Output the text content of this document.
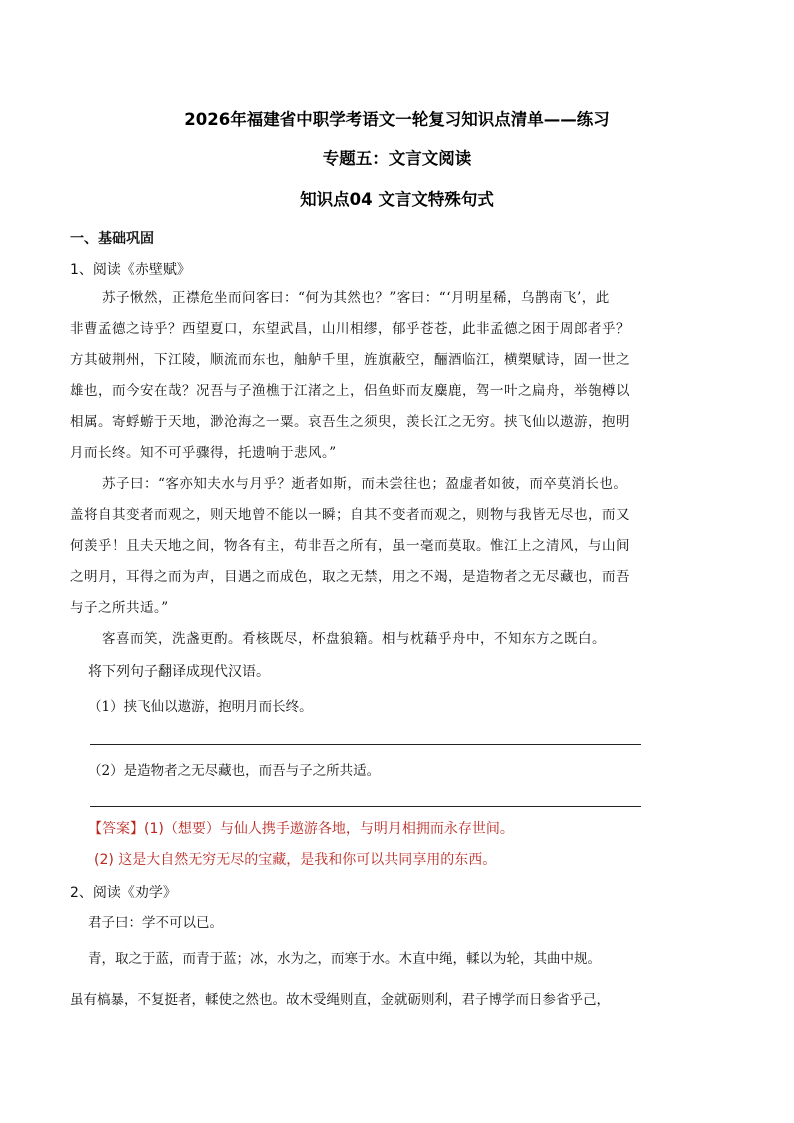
2026年福建省中职学考语文一轮复习知识点清单——练习
专题五：文言文阅读
知识点04 文言文特殊句式
一、基础巩固
1、阅读《赤壁赋》
苏子愀然，正襟危坐而问客曰：“何为其然也？”客曰：“‘月明星稀，乌鹊南飞’，此
非曹孟德之诗乎？西望夏口，东望武昌，山川相缪，郁乎苍苍，此非孟德之困于周郎者乎？
方其破荆州，下江陵，顺流而东也，舳舻千里，旌旗蔽空，酾酒临江，横槊赋诗，固一世之
雄也，而今安在哉？况吾与子渔樵于江渚之上，侣鱼虾而友麋鹿，驾一叶之扁舟，举匏樽以
相属。寄蜉蝣于天地，渺沧海之一粟。哀吾生之须臾，羡长江之无穷。挟飞仙以遨游，抱明
月而长终。知不可乎骤得，托遗响于悲风。”
苏子曰：“客亦知夫水与月乎？逝者如斯，而未尝往也；盈虚者如彼，而卒莫消长也。
盖将自其变者而观之，则天地曾不能以一瞬；自其不变者而观之，则物与我皆无尽也，而又
何羡乎！且夫天地之间，物各有主，苟非吾之所有，虽一毫而莫取。惟江上之清风，与山间
之明月，耳得之而为声，目遇之而成色，取之无禁，用之不竭，是造物者之无尽藏也，而吾
与子之所共适。”
客喜而笑，洗盏更酌。肴核既尽，杯盘狼籍。相与枕藉乎舟中，不知东方之既白。
将下列句子翻译成现代汉语。
（1）挟飞仙以遨游，抱明月而长终。
（2）是造物者之无尽藏也，而吾与子之所共适。
【答案】(1)（想要）与仙人携手遨游各地，与明月相拥而永存世间。
(2) 这是大自然无穷无尽的宝藏，是我和你可以共同享用的东西。
2、阅读《劝学》
君子曰：学不可以已。
青，取之于蓝，而青于蓝；冰，水为之，而寒于水。木直中绳，輮以为轮，其曲中规。
虽有槁暴，不复挺者，輮使之然也。故木受绳则直，金就砺则利，君子博学而日参省乎己，
